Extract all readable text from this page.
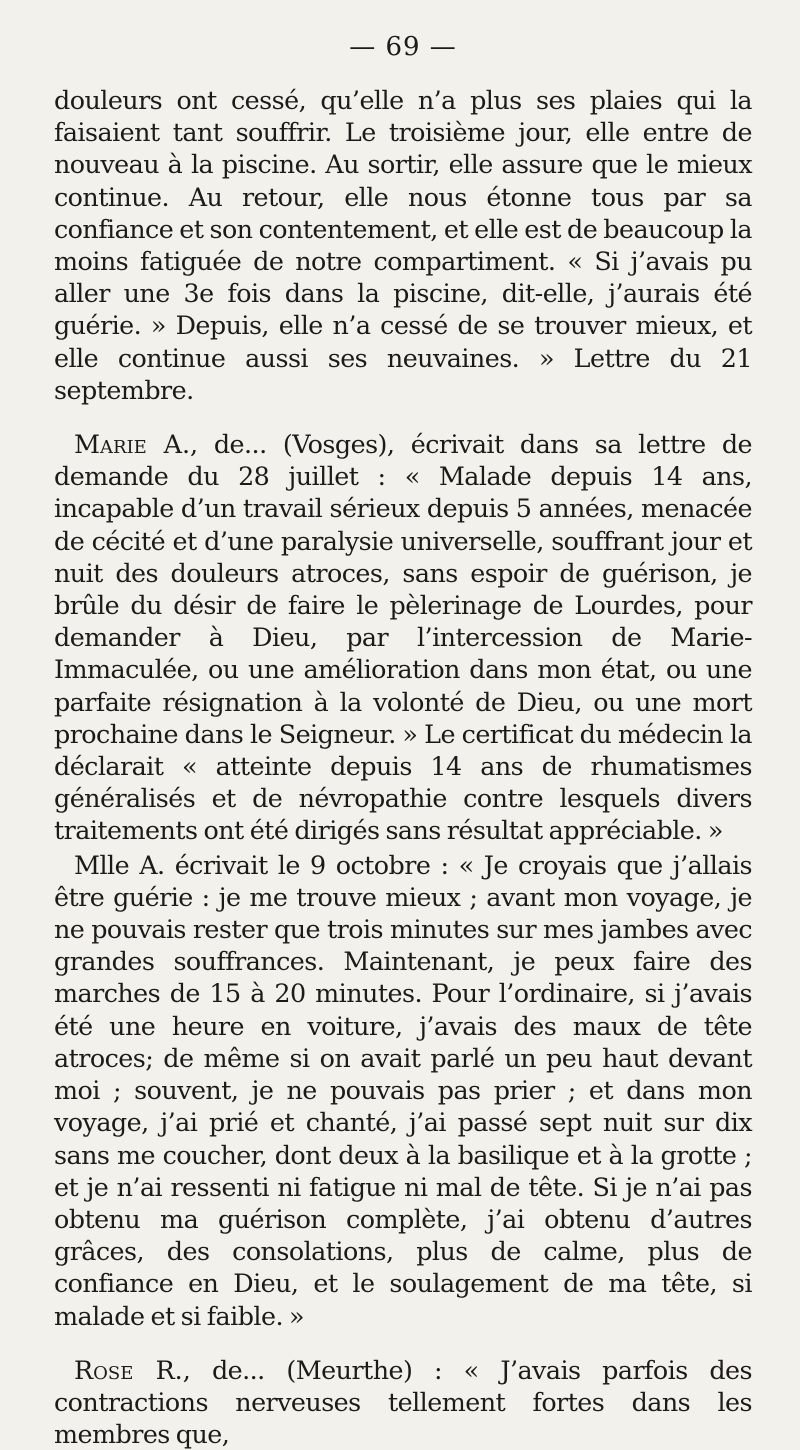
— 69 —

douleurs ont cessé, qu’elle n’a plus ses plaies qui la faisaient tant souffrir. Le troisième jour, elle entre de nouveau à la piscine. Au sortir, elle assure que le mieux continue. Au retour, elle nous étonne tous par sa confiance et son contentement, et elle est de beaucoup la moins fatiguée de notre compartiment. « Si j’avais pu aller une 3e fois dans la piscine, dit-elle, j’aurais été guérie. » Depuis, elle n’a cessé de se trouver mieux, et elle continue aussi ses neuvaines. » Lettre du 21 septembre.

Marie A., de... (Vosges), écrivait dans sa lettre de demande du 28 juillet : « Malade depuis 14 ans, incapable d’un travail sérieux depuis 5 années, menacée de cécité et d’une paralysie universelle, souffrant jour et nuit des douleurs atroces, sans espoir de guérison, je brûle du désir de faire le pèlerinage de Lourdes, pour demander à Dieu, par l’intercession de Marie-Immaculée, ou une amélioration dans mon état, ou une parfaite résignation à la volonté de Dieu, ou une mort prochaine dans le Seigneur. » Le certificat du médecin la déclarait « atteinte depuis 14 ans de rhumatismes généralisés et de névropathie contre lesquels divers traitements ont été dirigés sans résultat appréciable. »

Mlle A. écrivait le 9 octobre : « Je croyais que j’allais être guérie : je me trouve mieux ; avant mon voyage, je ne pouvais rester que trois minutes sur mes jambes avec grandes souffrances. Maintenant, je peux faire des marches de 15 à 20 minutes. Pour l’ordinaire, si j’avais été une heure en voiture, j’avais des maux de tête atroces; de même si on avait parlé un peu haut devant moi ; souvent, je ne pouvais pas prier ; et dans mon voyage, j’ai prié et chanté, j’ai passé sept nuit sur dix sans me coucher, dont deux à la basilique et à la grotte ; et je n’ai ressenti ni fatigue ni mal de tête. Si je n’ai pas obtenu ma guérison complète, j’ai obtenu d’autres grâces, des consolations, plus de calme, plus de confiance en Dieu, et le soulagement de ma tête, si malade et si faible. »

Rose R., de... (Meurthe) : « J’avais parfois des contractions nerveuses tellement fortes dans les membres que,
